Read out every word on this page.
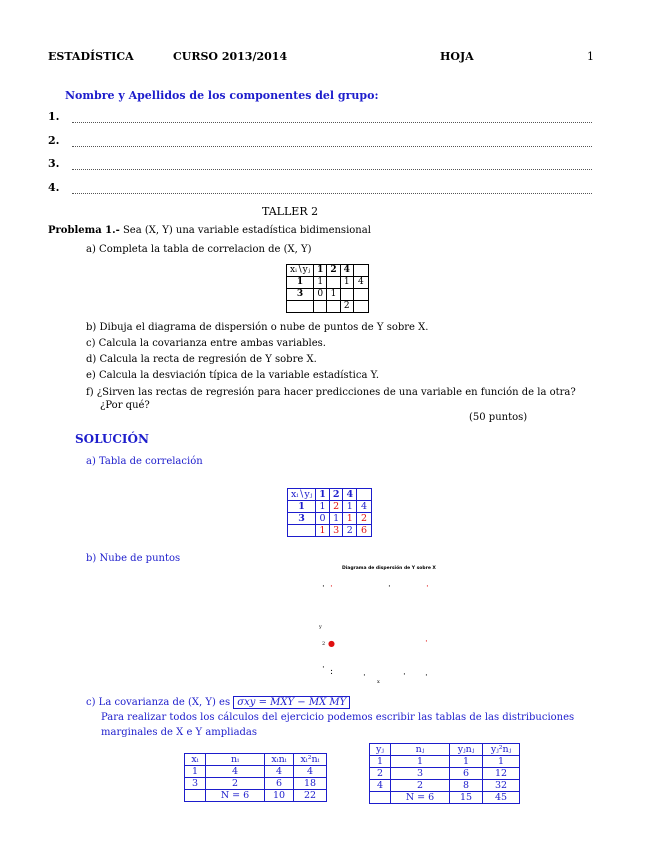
ESTADÍSTICA	CURSO 2013/2014	HOJA	1
Nombre y Apellidos de los componentes del grupo:
1.
2.
3.
4.
TALLER 2
Problema 1.- Sea (X, Y) una variable estadística bidimensional
a) Completa la tabla de correlacion de (X, Y)
xᵢ∖yⱼ	1	2	4	
1	1		1	4
3	0	1		
			2	
b) Dibuja el diagrama de dispersión o nube de puntos de Y sobre X.
c) Calcula la covarianza entre ambas variables.
d) Calcula la recta de regresión de Y sobre X.
e) Calcula la desviación típica de la variable estadística Y.
f) ¿Sirven las rectas de regresión para hacer predicciones de una variable en función de la otra?
¿Por qué?
(50 puntos)
SOLUCIÓN
a) Tabla de correlación
xᵢ∖yⱼ	1	2	4	
1	1	2	1	4
3	0	1	1	2
	1	3	2	6
b) Nube de puntos
Diagrama de dispersión de Y sobre X
· ·	·	·
y
2 ●	·
· :	·	· ·
x
c) La covarianza de (X, Y) es σxy = MXY − MX MY
Para realizar todos los cálculos del ejercicio podemos escribir las tablas de las distribuciones
marginales de X e Y ampliadas
xᵢ	nᵢ	xᵢnᵢ	xᵢ²nᵢ
1	4	4	4
3	2	6	18
	N = 6	10	22
yⱼ	nⱼ	yⱼnⱼ	yⱼ²nⱼ
1	1	1	1
2	3	6	12
4	2	8	32
	N = 6	15	45
